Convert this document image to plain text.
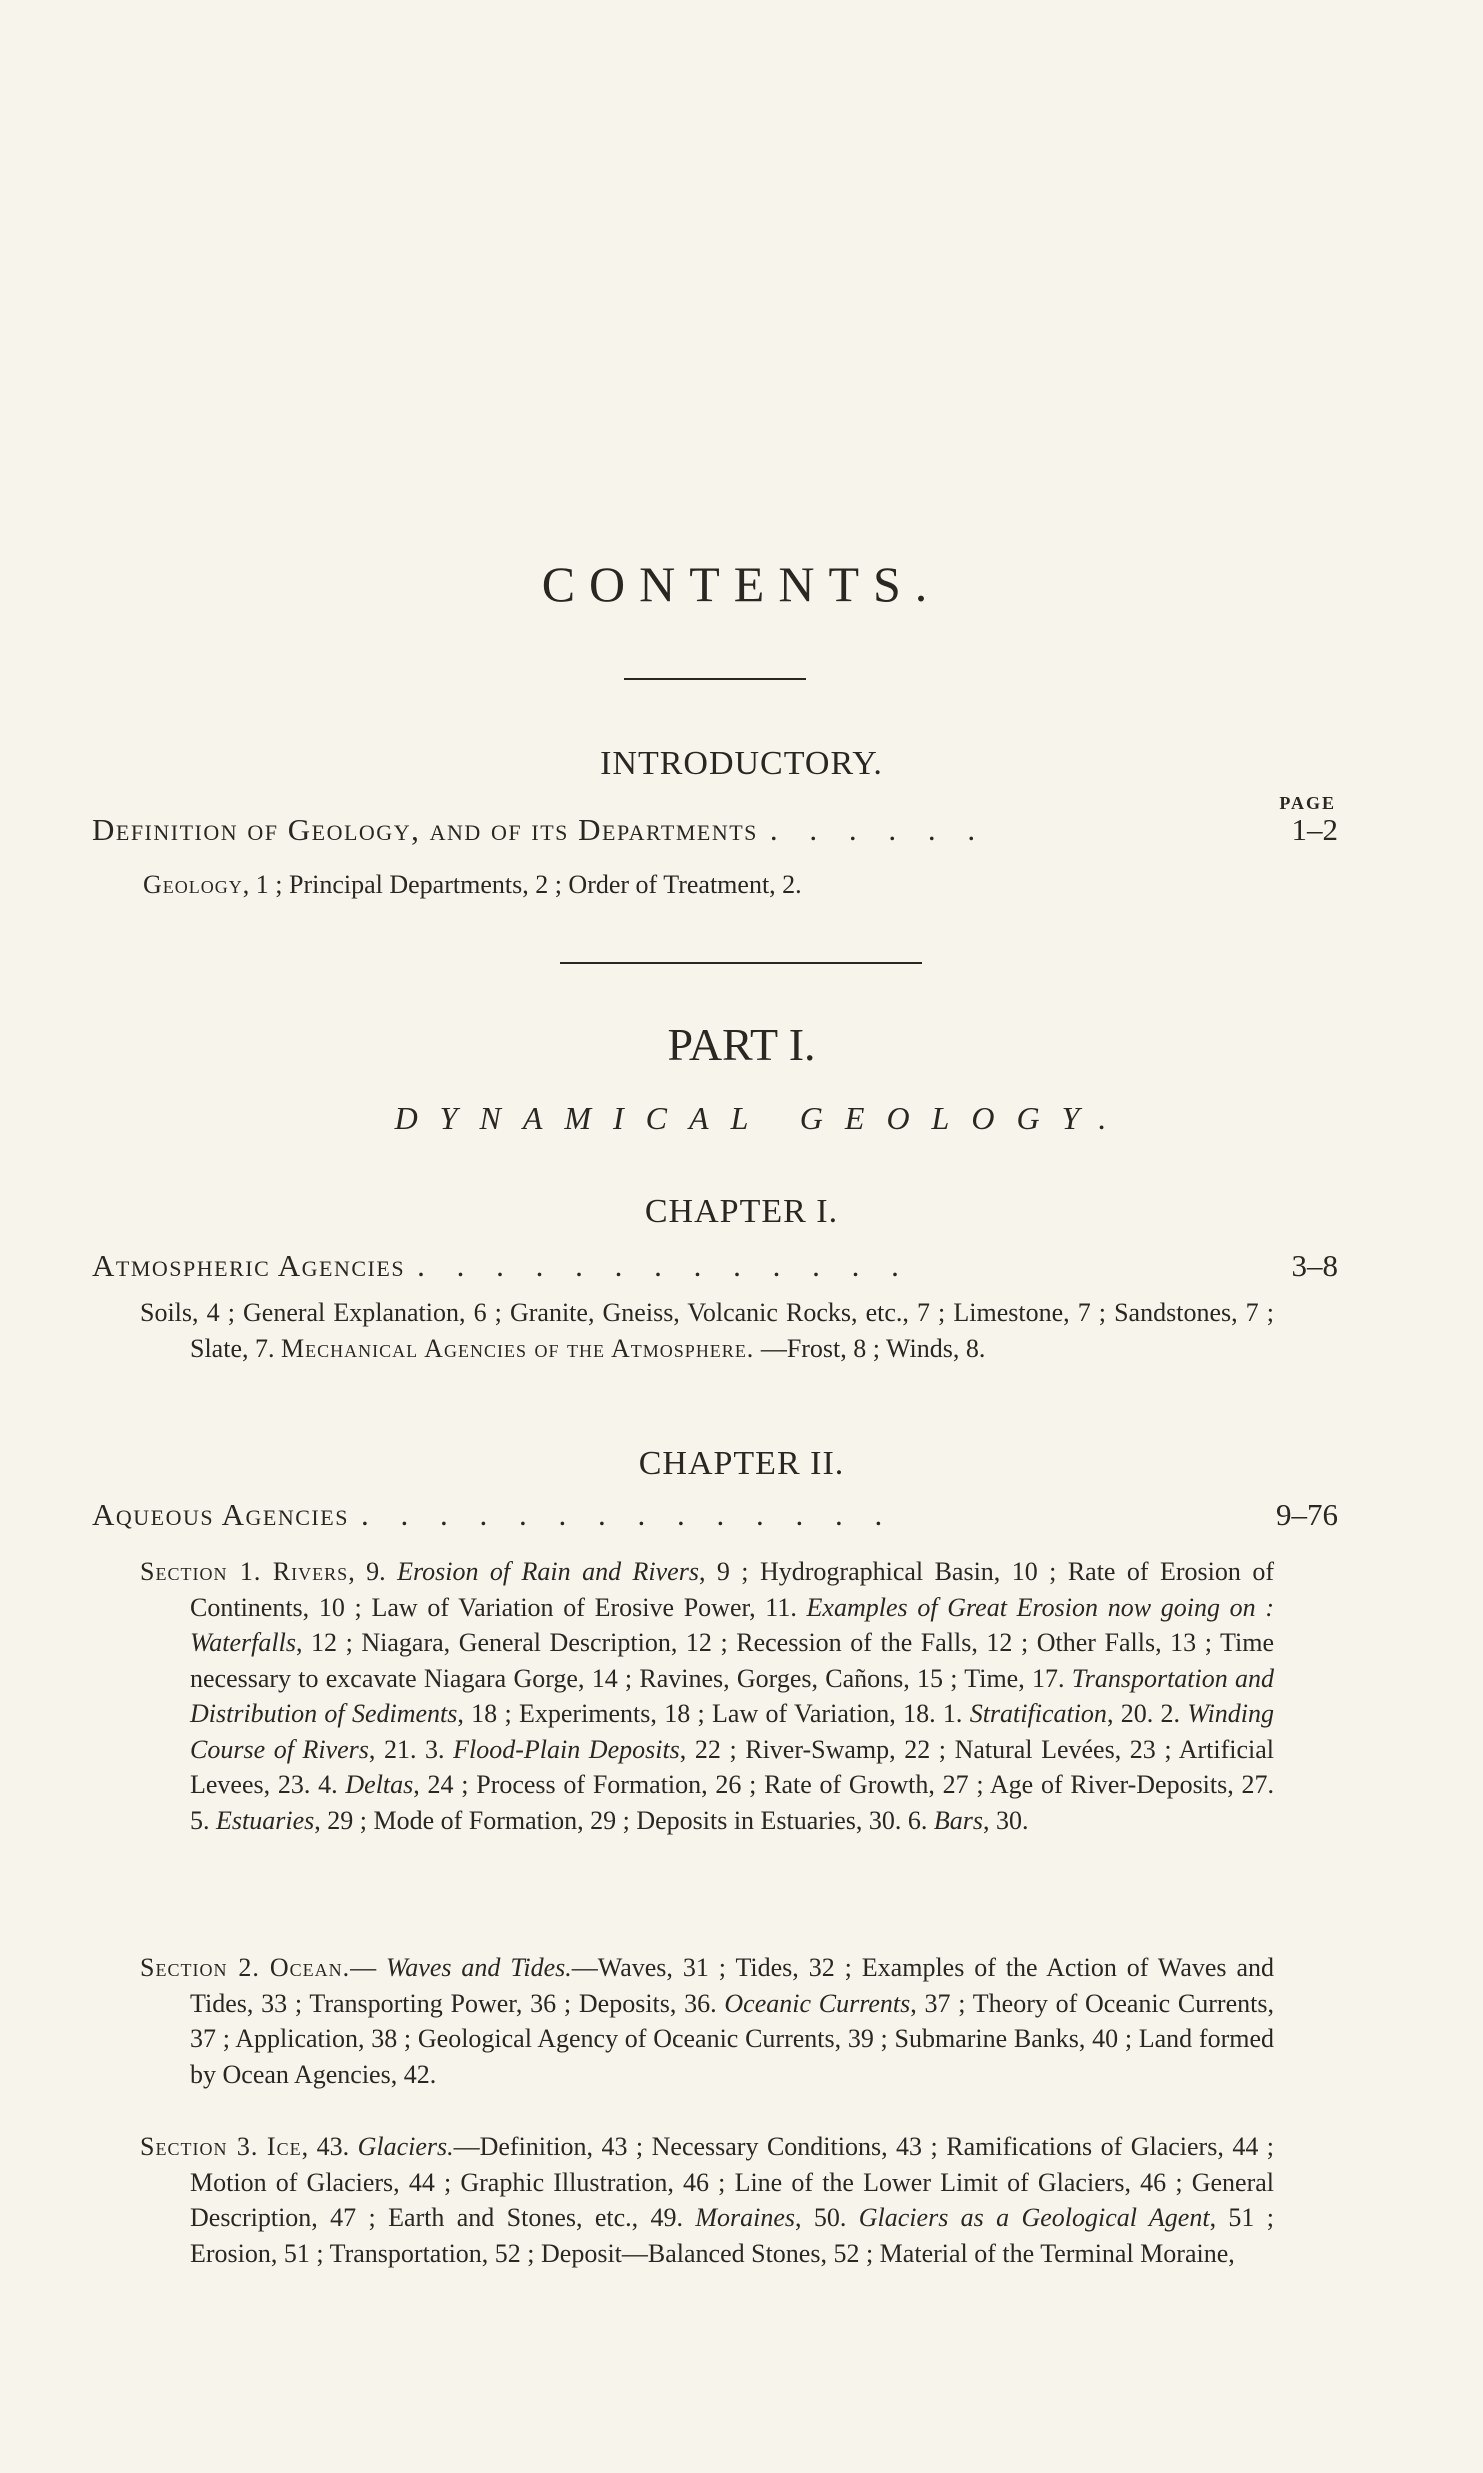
CONTENTS.
INTRODUCTORY.
PAGE
Definition of Geology, and of its Departments . . . . . .	1–2
Geology, 1 ; Principal Departments, 2 ; Order of Treatment, 2.
PART I.
DYNAMICAL GEOLOGY.
CHAPTER I.
Atmospheric Agencies . . . . . . . . . . . . .	3–8
Soils, 4 ; General Explanation, 6 ; Granite, Gneiss, Volcanic Rocks, etc., 7 ; Limestone, 7 ; Sandstones, 7 ; Slate, 7. Mechanical Agencies of the Atmosphere. —Frost, 8 ; Winds, 8.
CHAPTER II.
Aqueous Agencies . . . . . . . . . . . . . .	9–76
Section 1. Rivers, 9. Erosion of Rain and Rivers, 9 ; Hydrographical Basin, 10 ; Rate of Erosion of Continents, 10 ; Law of Variation of Erosive Power, 11. Examples of Great Erosion now going on : Waterfalls, 12 ; Niagara, General Description, 12 ; Recession of the Falls, 12 ; Other Falls, 13 ; Time necessary to excavate Niagara Gorge, 14 ; Ravines, Gorges, Cañons, 15 ; Time, 17. Transportation and Distribution of Sediments, 18 ; Experiments, 18 ; Law of Variation, 18. 1. Stratification, 20. 2. Winding Course of Rivers, 21. 3. Flood-Plain Deposits, 22 ; River-Swamp, 22 ; Natural Levées, 23 ; Artificial Levees, 23. 4. Deltas, 24 ; Process of Formation, 26 ; Rate of Growth, 27 ; Age of River-Deposits, 27. 5. Estuaries, 29 ; Mode of Formation, 29 ; Deposits in Estuaries, 30. 6. Bars, 30.
Section 2. Ocean.— Waves and Tides.—Waves, 31 ; Tides, 32 ; Examples of the Action of Waves and Tides, 33 ; Transporting Power, 36 ; Deposits, 36. Oceanic Currents, 37 ; Theory of Oceanic Currents, 37 ; Application, 38 ; Geological Agency of Oceanic Currents, 39 ; Submarine Banks, 40 ; Land formed by Ocean Agencies, 42.
Section 3. Ice, 43. Glaciers.—Definition, 43 ; Necessary Conditions, 43 ; Ramifications of Glaciers, 44 ; Motion of Glaciers, 44 ; Graphic Illustration, 46 ; Line of the Lower Limit of Glaciers, 46 ; General Description, 47 ; Earth and Stones, etc., 49. Moraines, 50. Glaciers as a Geological Agent, 51 ; Erosion, 51 ; Transportation, 52 ; Deposit—Balanced Stones, 52 ; Material of the Terminal Moraine,
